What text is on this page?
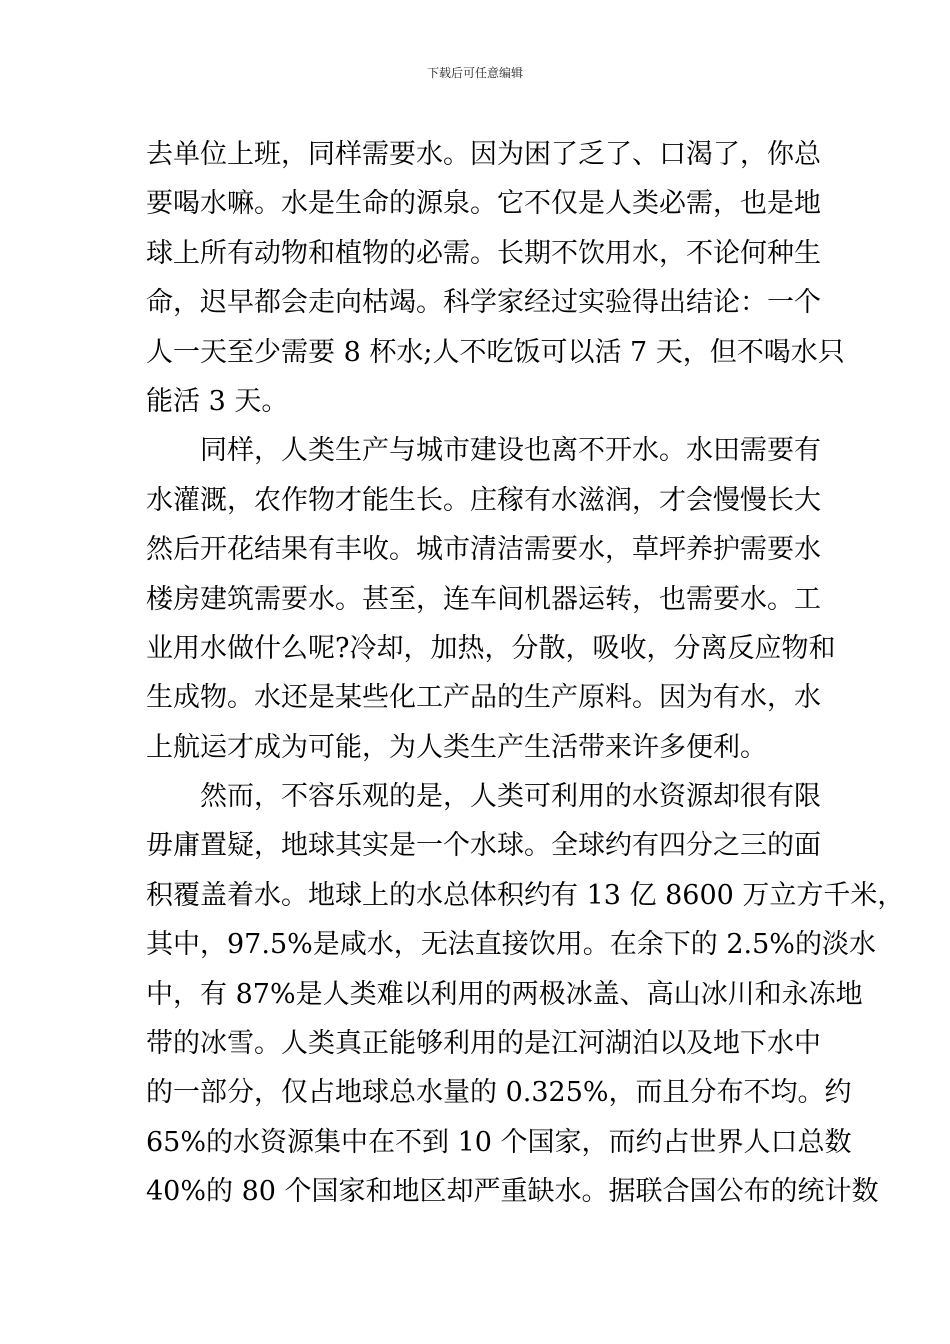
下载后可任意编辑
去单位上班，同样需要水。因为困了乏了、口渴了，你总
要喝水嘛。水是生命的源泉。它不仅是人类必需，也是地
球上所有动物和植物的必需。长期不饮用水，不论何种生
命，迟早都会走向枯竭。科学家经过实验得出结论：一个
人一天至少需要 8 杯水;人不吃饭可以活 7 天，但不喝水只
能活 3 天。
同样，人类生产与城市建设也离不开水。水田需要有
水灌溉，农作物才能生长。庄稼有水滋润，才会慢慢长大
然后开花结果有丰收。城市清洁需要水，草坪养护需要水
楼房建筑需要水。甚至，连车间机器运转，也需要水。工
业用水做什么呢?冷却，加热，分散，吸收，分离反应物和
生成物。水还是某些化工产品的生产原料。因为有水，水
上航运才成为可能，为人类生产生活带来许多便利。
然而，不容乐观的是，人类可利用的水资源却很有限
毋庸置疑，地球其实是一个水球。全球约有四分之三的面
积覆盖着水。地球上的水总体积约有 13 亿 8600 万立方千米，
其中，97.5%是咸水，无法直接饮用。在余下的 2.5%的淡水
中，有 87%是人类难以利用的两极冰盖、高山冰川和永冻地
带的冰雪。人类真正能够利用的是江河湖泊以及地下水中
的一部分，仅占地球总水量的 0.325%，而且分布不均。约
65%的水资源集中在不到 10 个国家，而约占世界人口总数
40%的 80 个国家和地区却严重缺水。据联合国公布的统计数
